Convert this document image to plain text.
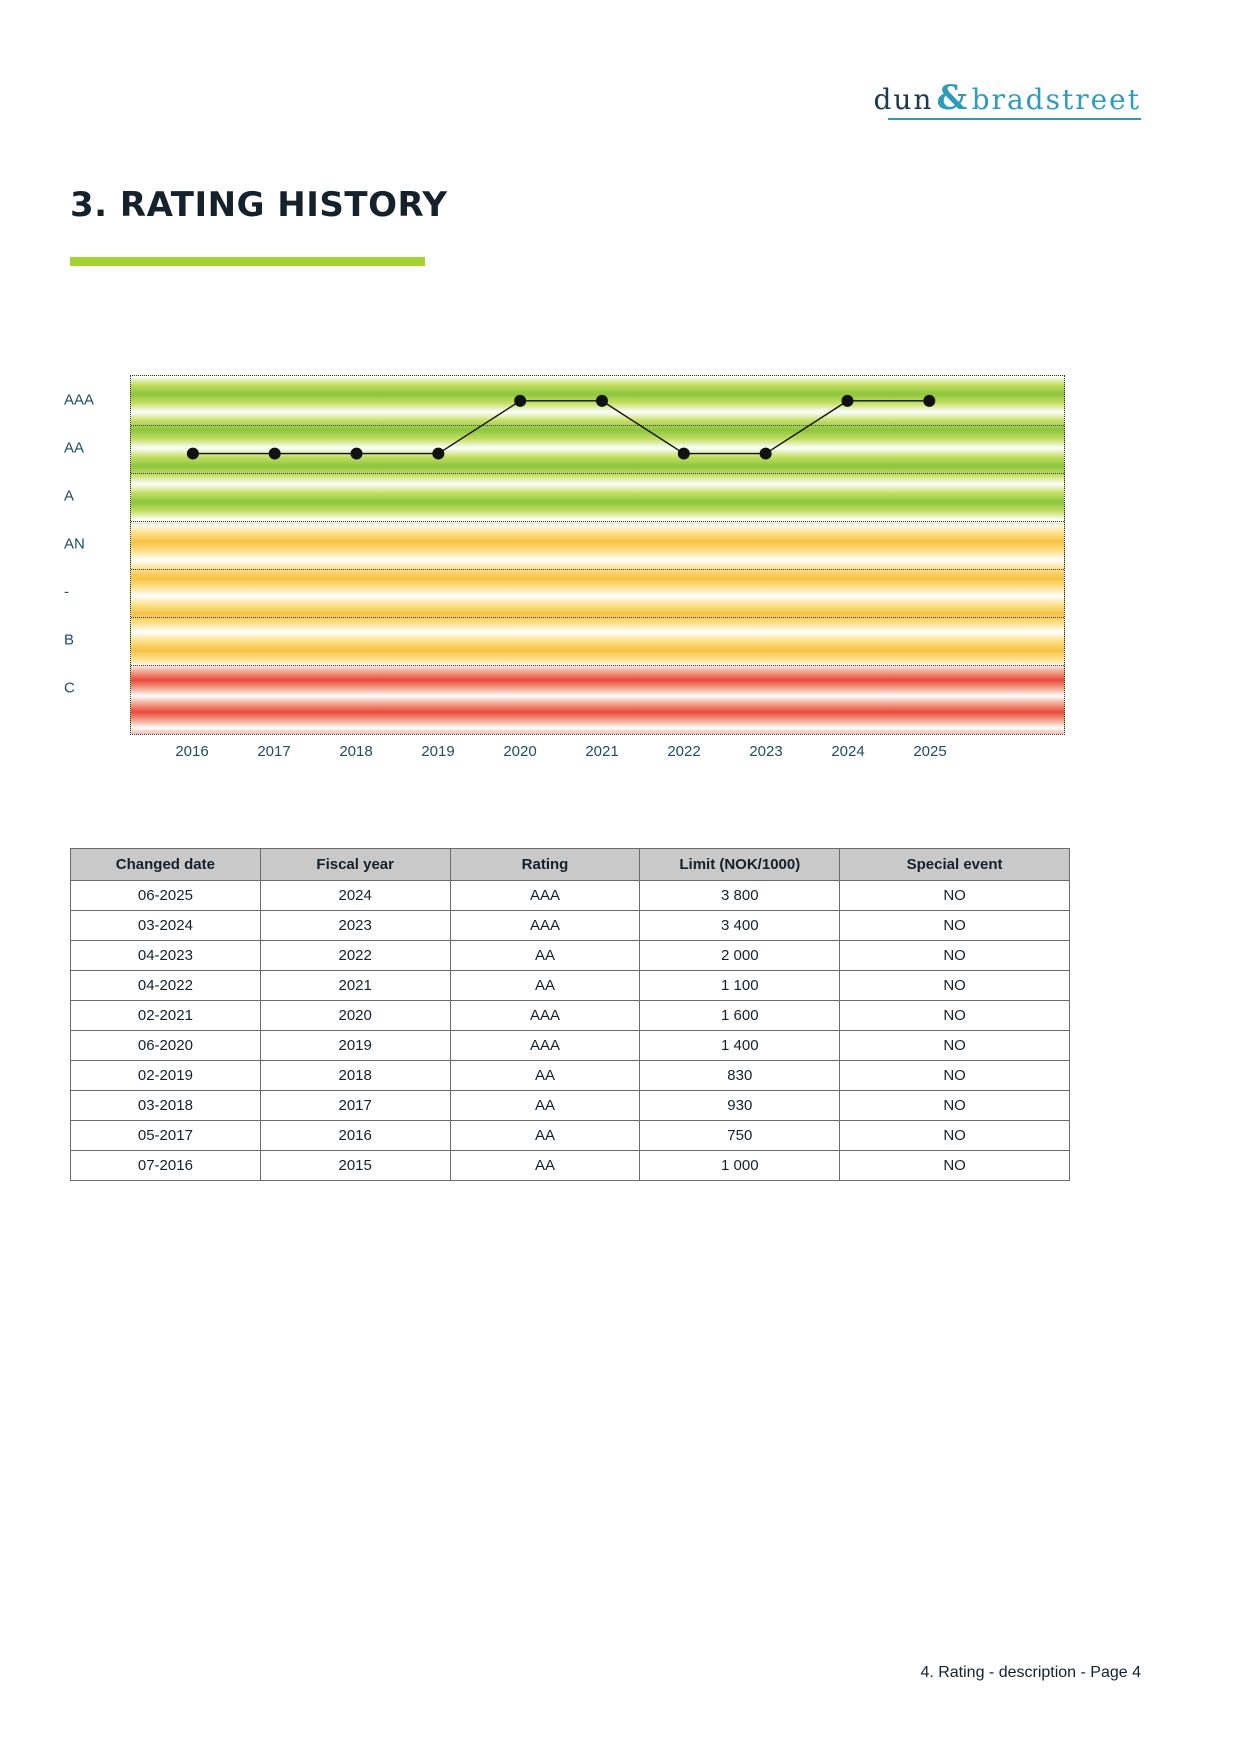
dun & bradstreet
3. RATING HISTORY
AAA
AA
A
AN
-
B
C
2016	2017	2018	2019	2020	2021	2022	2023	2024	2025
Changed date	Fiscal year	Rating	Limit (NOK/1000)	Special event
06-2025	2024	AAA	3 800	NO
03-2024	2023	AAA	3 400	NO
04-2023	2022	AA	2 000	NO
04-2022	2021	AA	1 100	NO
02-2021	2020	AAA	1 600	NO
06-2020	2019	AAA	1 400	NO
02-2019	2018	AA	830	NO
03-2018	2017	AA	930	NO
05-2017	2016	AA	750	NO
07-2016	2015	AA	1 000	NO
4. Rating - description - Page 4
